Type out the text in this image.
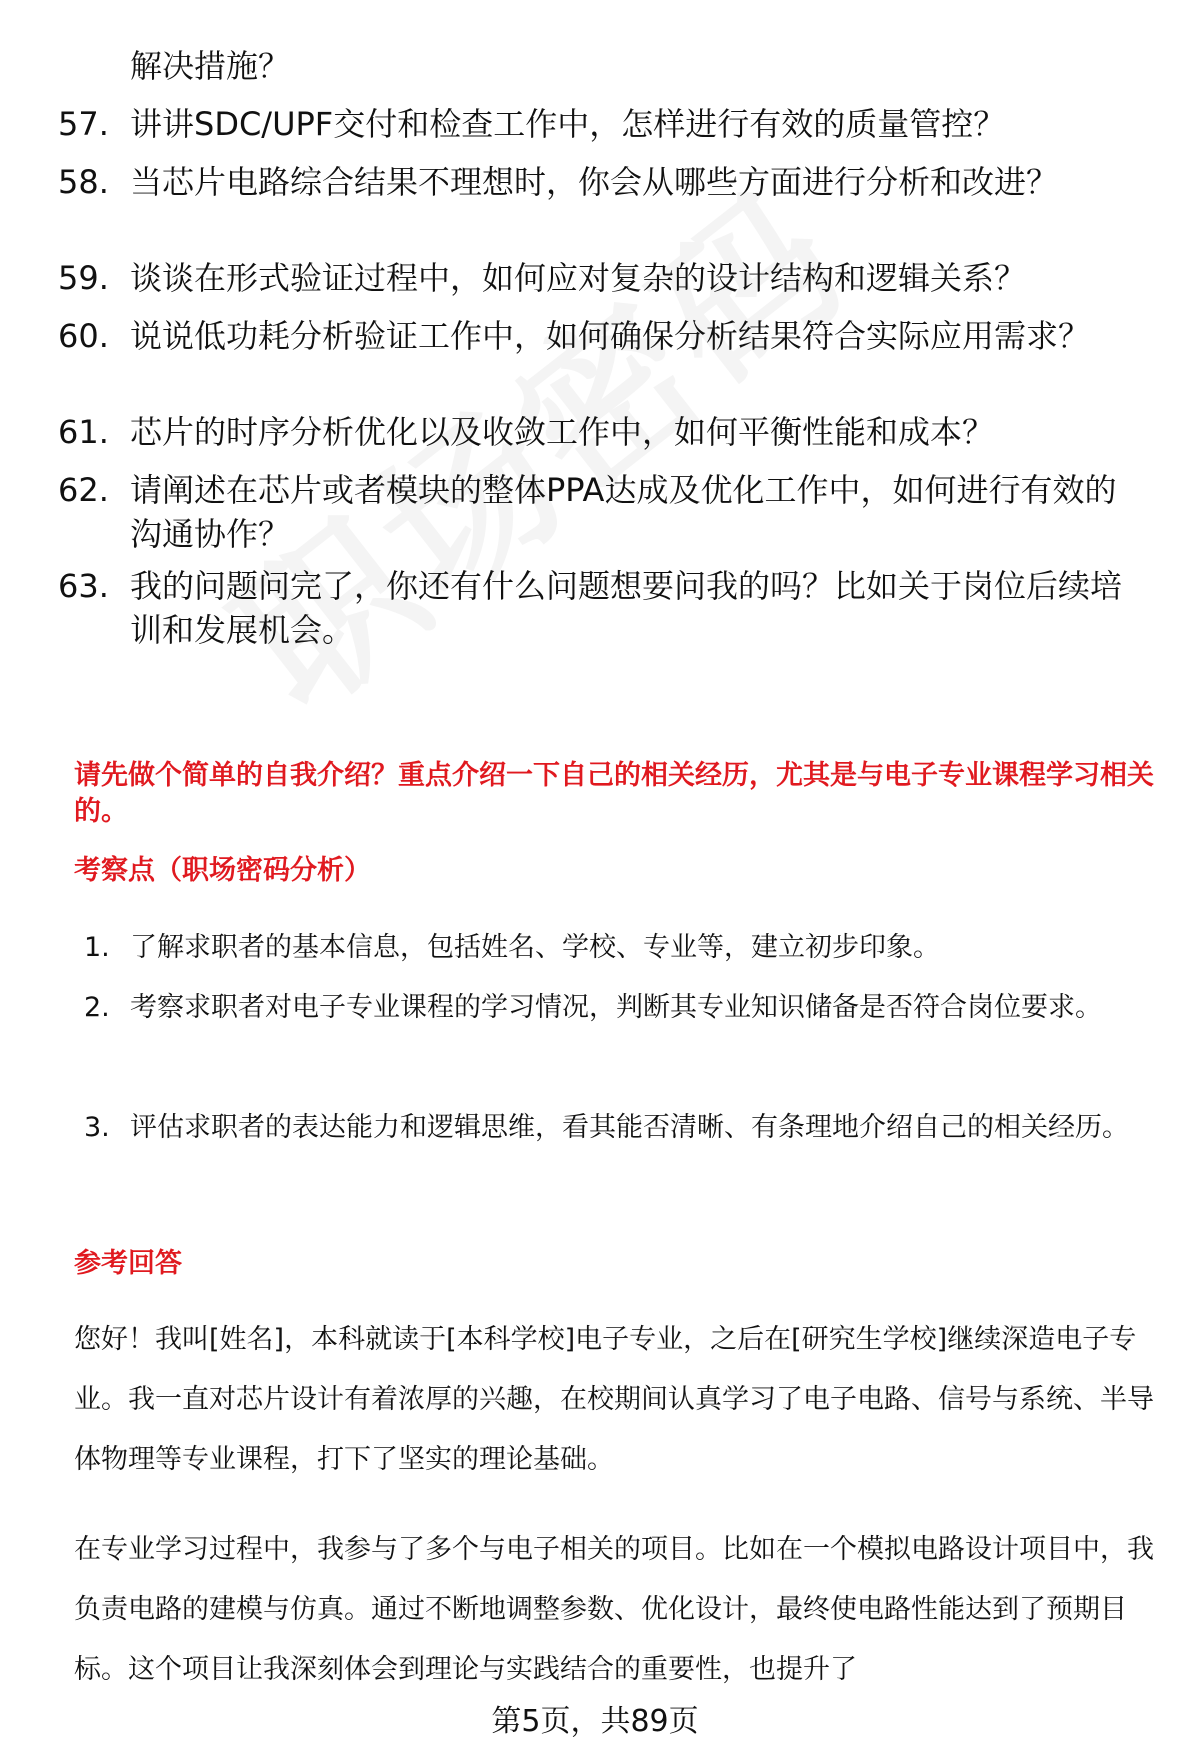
解决措施？
57. 讲讲SDC/UPF交付和检查工作中，怎样进行有效的质量管控？
58. 当芯片电路综合结果不理想时，你会从哪些方面进行分析和改进？
59. 谈谈在形式验证过程中，如何应对复杂的设计结构和逻辑关系？
60. 说说低功耗分析验证工作中，如何确保分析结果符合实际应用需求？
61. 芯片的时序分析优化以及收敛工作中，如何平衡性能和成本？
62. 请阐述在芯片或者模块的整体PPA达成及优化工作中，如何进行有效的沟通协作？
63. 我的问题问完了，你还有什么问题想要问我的吗？比如关于岗位后续培训和发展机会。
请先做个简单的自我介绍？重点介绍一下自己的相关经历，尤其是与电子专业课程学习相关的。
考察点（职场密码分析）
1. 了解求职者的基本信息，包括姓名、学校、专业等，建立初步印象。
2. 考察求职者对电子专业课程的学习情况，判断其专业知识储备是否符合岗位要求。
3. 评估求职者的表达能力和逻辑思维，看其能否清晰、有条理地介绍自己的相关经历。
参考回答
您好！我叫[姓名]，本科就读于[本科学校]电子专业，之后在[研究生学校]继续深造电子专业。我一直对芯片设计有着浓厚的兴趣，在校期间认真学习了电子电路、信号与系统、半导体物理等专业课程，打下了坚实的理论基础。
在专业学习过程中，我参与了多个与电子相关的项目。比如在一个模拟电路设计项目中，我负责电路的建模与仿真。通过不断地调整参数、优化设计，最终使电路性能达到了预期目标。这个项目让我深刻体会到理论与实践结合的重要性，也提升了
第5页，共89页
